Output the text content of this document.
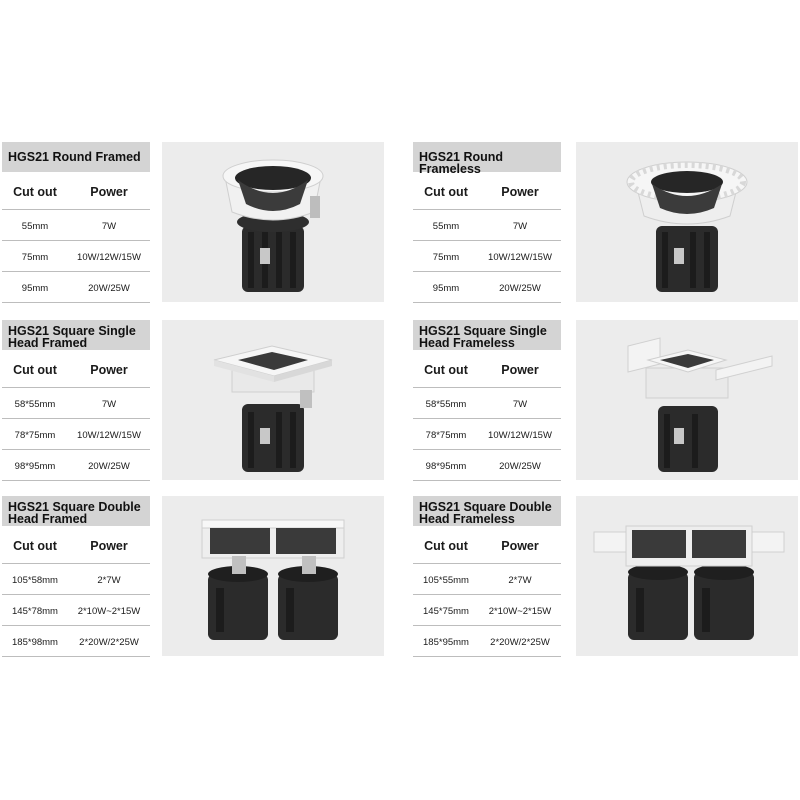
HGS21 Round Framed
Cut out	Power
55mm	7W
75mm	10W/12W/15W
95mm	20W/25W
HGS21 Round Frameless
Cut out	Power
55mm	7W
75mm	10W/12W/15W
95mm	20W/25W
HGS21 Square Single
Head Framed
Cut out	Power
58*55mm	7W
78*75mm	10W/12W/15W
98*95mm	20W/25W
HGS21 Square Single
Head Frameless
Cut out	Power
58*55mm	7W
78*75mm	10W/12W/15W
98*95mm	20W/25W
HGS21 Square Double
Head Framed
Cut out	Power
105*58mm	2*7W
145*78mm	2*10W~2*15W
185*98mm	2*20W/2*25W
HGS21 Square Double
Head Frameless
Cut out	Power
105*55mm	2*7W
145*75mm	2*10W~2*15W
185*95mm	2*20W/2*25W
